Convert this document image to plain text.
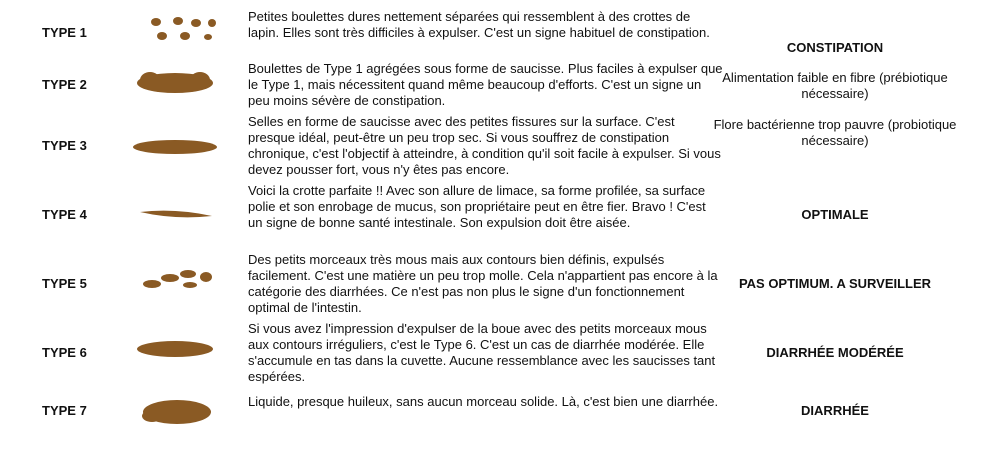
TYPE 1
TYPE 2
TYPE 3
TYPE 4
TYPE 5
TYPE 6
TYPE 7
Petites boulettes dures nettement séparées qui ressemblent à des crottes de lapin. Elles sont très difficiles à expulser. C'est un signe habituel de constipation.
Boulettes de Type 1 agrégées sous forme de saucisse. Plus faciles à expulser que le Type 1, mais nécessitent quand même beaucoup d'efforts. C'est un signe un peu moins sévère de constipation.
Selles en forme de saucisse avec des petites fissures sur la surface. C'est presque idéal, peut-être un peu trop sec. Si vous souffrez de constipation chronique, c'est l'objectif à atteindre, à condition qu'il soit facile à expulser. Si vous devez pousser fort, vous n'y êtes pas encore.
Voici la crotte parfaite !! Avec son allure de limace, sa forme profilée, sa surface polie et son enrobage de mucus, son propriétaire peut en être fier. Bravo ! C'est un signe de bonne santé intestinale. Son expulsion doit être aisée.
Des petits morceaux très mous mais aux contours bien définis, expulsés facilement. C'est une matière un peu trop molle. Cela n'appartient pas encore à la catégorie des diarrhées. Ce n'est pas non plus le signe d'un fonctionnement optimal de l'intestin.
Si vous avez l'impression d'expulser de la boue avec des petits morceaux mous aux contours irréguliers, c'est le Type 6. C'est un cas de diarrhée modérée. Elle s'accumule en tas dans la cuvette. Aucune ressemblance avec les saucisses tant espérées.
Liquide, presque huileux, sans aucun morceau solide. Là, c'est bien une diarrhée.
CONSTIPATION
Alimentation faible en fibre (prébiotique nécessaire)
Flore bactérienne trop pauvre (probiotique nécessaire)
OPTIMALE
PAS OPTIMUM. A SURVEILLER
DIARRHÉE MODÉRÉE
DIARRHÉE
